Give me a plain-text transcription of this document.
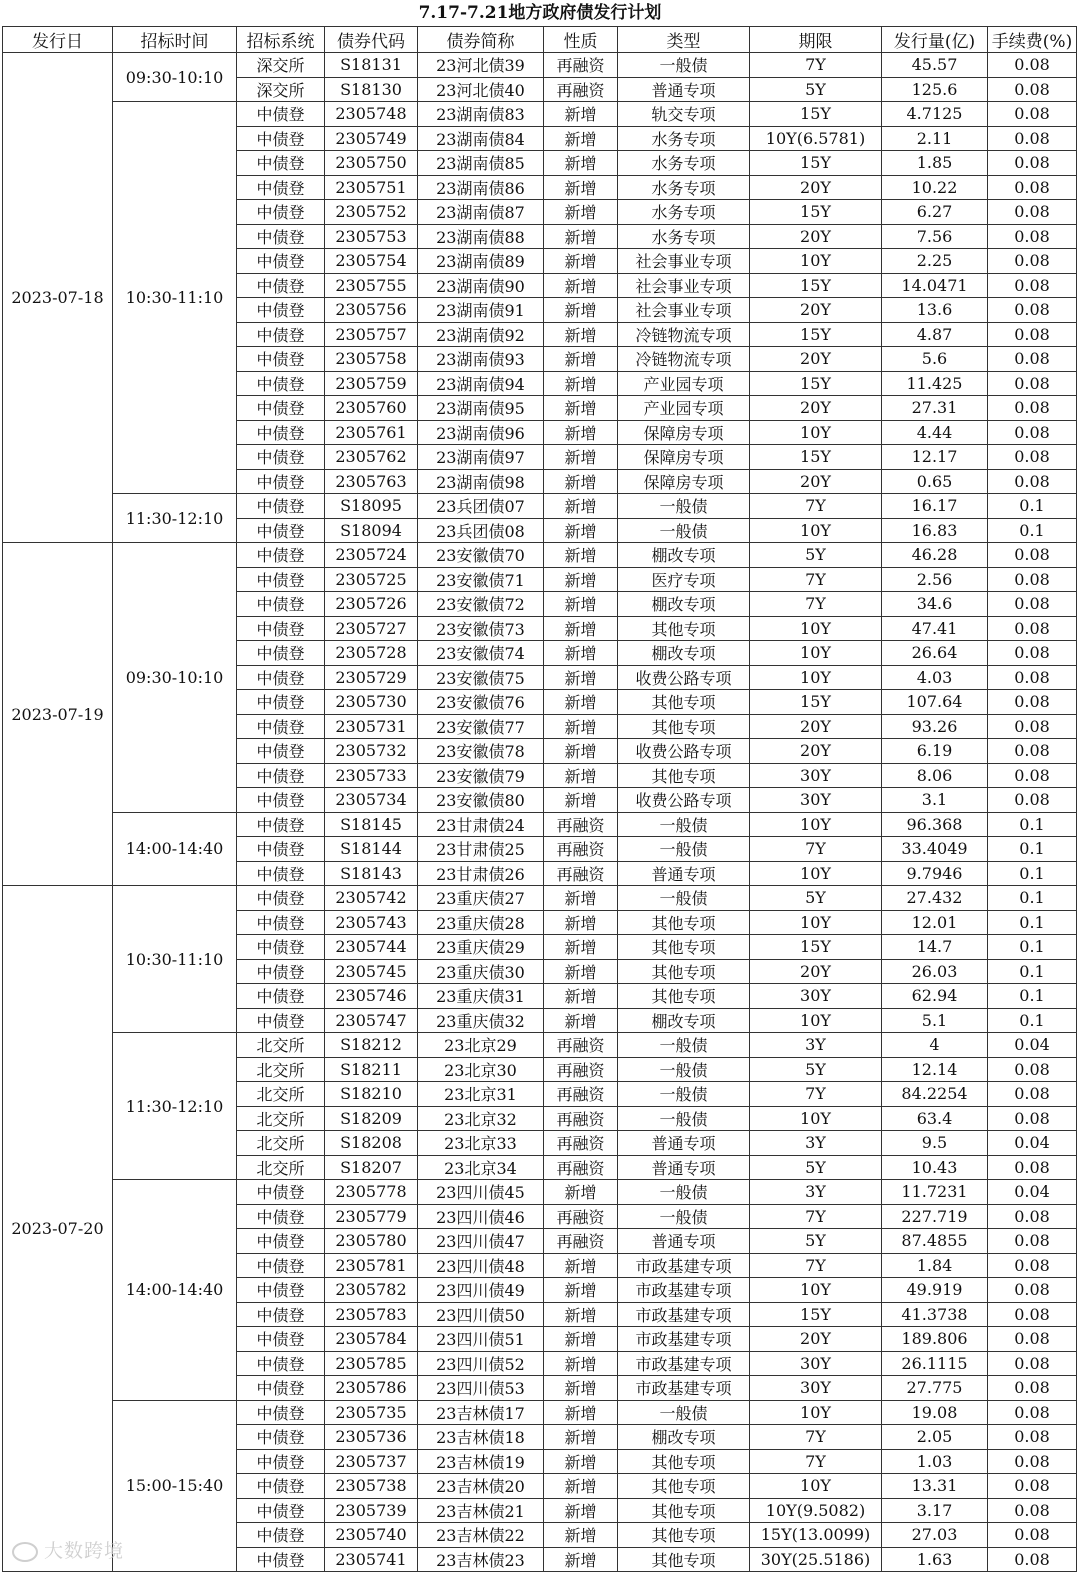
7.17-7.21地方政府债发行计划
发行日	招标时间	招标系统	债券代码	债券简称	性质	类型	期限	发行量(亿)	手续费(%)
2023-07-18	09:30-10:10	深交所	S18131	23河北债39	再融资	一般债	7Y	45.57	0.08
		深交所	S18130	23河北债40	再融资	普通专项	5Y	125.6	0.08
	10:30-11:10	中债登	2305748	23湖南债83	新增	轨交专项	15Y	4.7125	0.08
		中债登	2305749	23湖南债84	新增	水务专项	10Y(6.5781)	2.11	0.08
		中债登	2305750	23湖南债85	新增	水务专项	15Y	1.85	0.08
		中债登	2305751	23湖南债86	新增	水务专项	20Y	10.22	0.08
		中债登	2305752	23湖南债87	新增	水务专项	15Y	6.27	0.08
		中债登	2305753	23湖南债88	新增	水务专项	20Y	7.56	0.08
		中债登	2305754	23湖南债89	新增	社会事业专项	10Y	2.25	0.08
		中债登	2305755	23湖南债90	新增	社会事业专项	15Y	14.0471	0.08
		中债登	2305756	23湖南债91	新增	社会事业专项	20Y	13.6	0.08
		中债登	2305757	23湖南债92	新增	冷链物流专项	15Y	4.87	0.08
		中债登	2305758	23湖南债93	新增	冷链物流专项	20Y	5.6	0.08
		中债登	2305759	23湖南债94	新增	产业园专项	15Y	11.425	0.08
		中债登	2305760	23湖南债95	新增	产业园专项	20Y	27.31	0.08
		中债登	2305761	23湖南债96	新增	保障房专项	10Y	4.44	0.08
		中债登	2305762	23湖南债97	新增	保障房专项	15Y	12.17	0.08
		中债登	2305763	23湖南债98	新增	保障房专项	20Y	0.65	0.08
	11:30-12:10	中债登	S18095	23兵团债07	新增	一般债	7Y	16.17	0.1
		中债登	S18094	23兵团债08	新增	一般债	10Y	16.83	0.1
2023-07-19	09:30-10:10	中债登	2305724	23安徽债70	新增	棚改专项	5Y	46.28	0.08
		中债登	2305725	23安徽债71	新增	医疗专项	7Y	2.56	0.08
		中债登	2305726	23安徽债72	新增	棚改专项	7Y	34.6	0.08
		中债登	2305727	23安徽债73	新增	其他专项	10Y	47.41	0.08
		中债登	2305728	23安徽债74	新增	棚改专项	10Y	26.64	0.08
		中债登	2305729	23安徽债75	新增	收费公路专项	10Y	4.03	0.08
		中债登	2305730	23安徽债76	新增	其他专项	15Y	107.64	0.08
		中债登	2305731	23安徽债77	新增	其他专项	20Y	93.26	0.08
		中债登	2305732	23安徽债78	新增	收费公路专项	20Y	6.19	0.08
		中债登	2305733	23安徽债79	新增	其他专项	30Y	8.06	0.08
		中债登	2305734	23安徽债80	新增	收费公路专项	30Y	3.1	0.08
	14:00-14:40	中债登	S18145	23甘肃债24	再融资	一般债	10Y	96.368	0.1
		中债登	S18144	23甘肃债25	再融资	一般债	7Y	33.4049	0.1
		中债登	S18143	23甘肃债26	再融资	普通专项	10Y	9.7946	0.1
2023-07-20	10:30-11:10	中债登	2305742	23重庆债27	新增	一般债	5Y	27.432	0.1
		中债登	2305743	23重庆债28	新增	其他专项	10Y	12.01	0.1
		中债登	2305744	23重庆债29	新增	其他专项	15Y	14.7	0.1
		中债登	2305745	23重庆债30	新增	其他专项	20Y	26.03	0.1
		中债登	2305746	23重庆债31	新增	其他专项	30Y	62.94	0.1
		中债登	2305747	23重庆债32	新增	棚改专项	10Y	5.1	0.1
	11:30-12:10	北交所	S18212	23北京29	再融资	一般债	3Y	4	0.04
		北交所	S18211	23北京30	再融资	一般债	5Y	12.14	0.08
		北交所	S18210	23北京31	再融资	一般债	7Y	84.2254	0.08
		北交所	S18209	23北京32	再融资	一般债	10Y	63.4	0.08
		北交所	S18208	23北京33	再融资	普通专项	3Y	9.5	0.04
		北交所	S18207	23北京34	再融资	普通专项	5Y	10.43	0.08
	14:00-14:40	中债登	2305778	23四川债45	新增	一般债	3Y	11.7231	0.04
		中债登	2305779	23四川债46	再融资	一般债	7Y	227.719	0.08
		中债登	2305780	23四川债47	再融资	普通专项	5Y	87.4855	0.08
		中债登	2305781	23四川债48	新增	市政基建专项	7Y	1.84	0.08
		中债登	2305782	23四川债49	新增	市政基建专项	10Y	49.919	0.08
		中债登	2305783	23四川债50	新增	市政基建专项	15Y	41.3738	0.08
		中债登	2305784	23四川债51	新增	市政基建专项	20Y	189.806	0.08
		中债登	2305785	23四川债52	新增	市政基建专项	30Y	26.1115	0.08
		中债登	2305786	23四川债53	新增	市政基建专项	30Y	27.775	0.08
	15:00-15:40	中债登	2305735	23吉林债17	新增	一般债	10Y	19.08	0.08
		中债登	2305736	23吉林债18	新增	棚改专项	7Y	2.05	0.08
		中债登	2305737	23吉林债19	新增	其他专项	7Y	1.03	0.08
		中债登	2305738	23吉林债20	新增	其他专项	10Y	13.31	0.08
		中债登	2305739	23吉林债21	新增	其他专项	10Y(9.5082)	3.17	0.08
		中债登	2305740	23吉林债22	新增	其他专项	15Y(13.0099)	27.03	0.08
		中债登	2305741	23吉林债23	新增	其他专项	30Y(25.5186)	1.63	0.08
大数跨境
